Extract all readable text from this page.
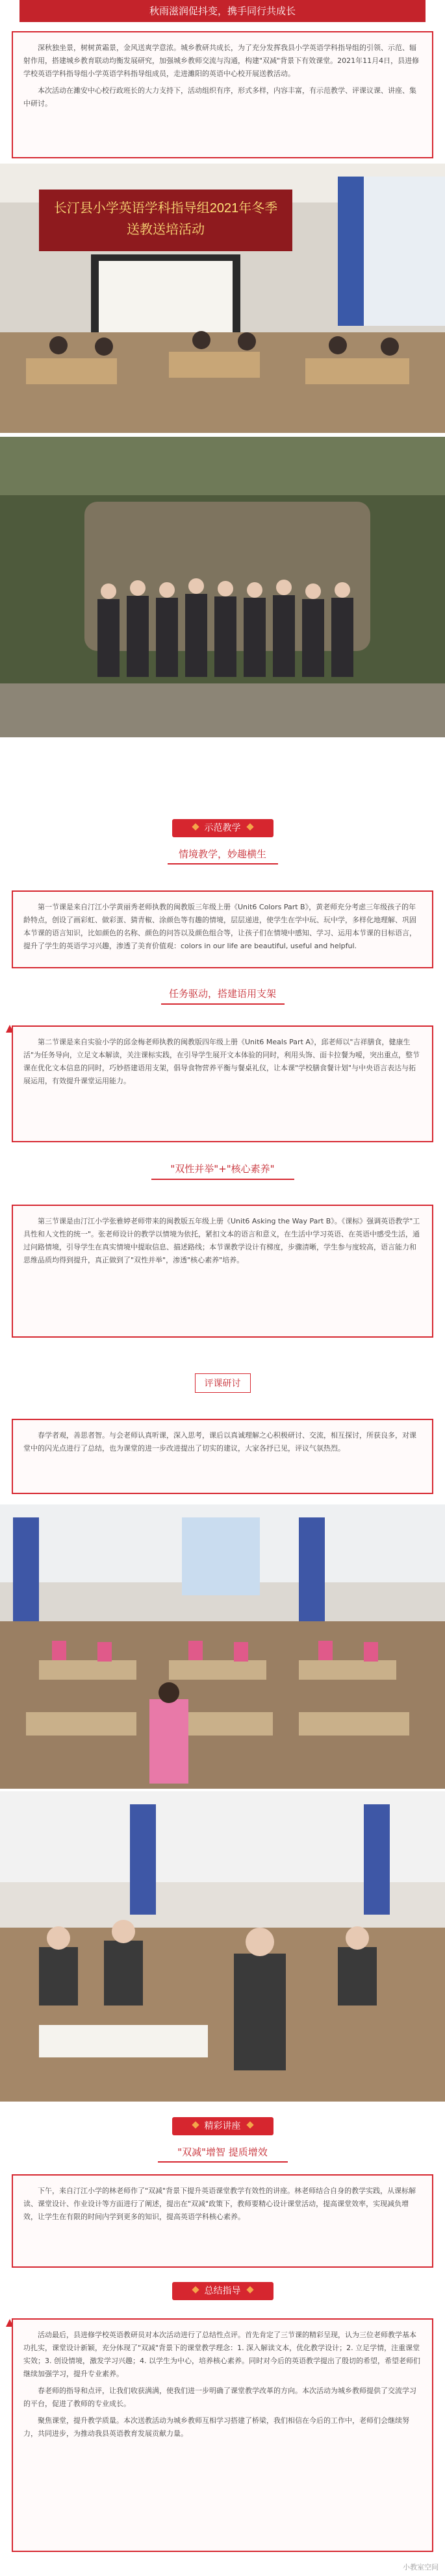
秋雨滋润促抖变，携手同行共成长

深秋独坐景，树树黄霜景，金风送爽学意浓。城乡教研共成长，为了充分发挥我县小学英语学科指导组的引领、示范、辐射作用，搭建城乡教育联动均衡发展研究，加强城乡教师交流与沟通，构建"双减"背景下有效课堂。2021年11月4日，县进修学校英语学科指导组小学英语学科指导组成员，走进濉阳的英语中心校开展送教活动。

本次活动在濉安中心校行政班长的大力支持下，活动组织有序，形式多样，内容丰富，有示范教学、评课议课、讲座、集中研讨。

长汀县小学英语学科指导组2021年冬季
送教送培活动
示范教学
情境教学，妙趣横生

第一节课是来自汀江小学黄丽秀老师执教的闽教版三年级上册《Unit6 Colors Part B》，黄老师充分考虑三年级孩子的年龄特点，创设了画彩虹、做彩蛋、猜青椒、涂颜色等有趣的情境，层层递进，使学生在学中玩、玩中学，多样化地理解、巩固本节课的语言知识，比如颜色的名称、颜色的问答以及颜色组合等，让孩子们在情境中感知、学习、运用本节课的目标语言，提升了学生的英语学习兴趣，渗透了美育价值观：colors in our life are beautiful, useful and helpful.

任务驱动，搭建语用支架

第二节课是来自实验小学的邱金梅老师执教的闽教版四年级上册《Unit6 Meals Part A》，邱老师以"吉祥膳食，健康生活"为任务导向，立足文本解读，关注课标实践，在引导学生展开文本体验的同时，利用头饰、面卡拉餐为嗳，突出重点，整节课在优化文本信息的同时，巧妙搭建语用支架，倡导食物营养平衡与餐桌礼仪，让本课"学校膳食餐计划"与中央语言表达与拓展运用，有效提升课堂运用能力。

"双性并举"+"核心素养"

第三节课是由汀江小学张雅婷老师带来的闽教版五年级上册《Unit6 Asking the Way Part B》。《课标》强调英语教学"工具性和人文性的统一"。张老师设计的教学以情境为依托，紧扣文本的语言和意义，在生活中学习英语、在英语中感受生活，通过问路情境，引导学生在真实情境中提取信息、描述路线；本节课教学设计有梯度，步骤清晰，学生参与度较高，语言能力和思维品质均得到提升，真正做到了"双性并举"，渗透"核心素养"培养。

评课研讨

春学者观，善思者智。与会老师认真听课，深入思考，课后以真诚理解之心积极研讨、交流，相互探讨，所获良多，对课堂中的闪光点进行了总结，也为课堂的进一步改进提出了切实的建议，大家各抒已见，评议气氛热烈。

精彩讲座
"双减"增智 提质增效

下午，来自汀江小学的林老师作了"双减"背景下提升英语课堂教学有效性的讲座。林老师结合自身的教学实践，从课标解读、课堂设计、作业设计等方面进行了阐述，提出在"双减"政策下，教师要精心设计课堂活动，提高课堂效率，实现减负增效，让学生在有限的时间内学到更多的知识，提高英语学科核心素养。

总结指导

活动最后，县进修学校英语教研员对本次活动进行了总结性点评。首先肯定了三节课的精彩呈现，认为三位老师教学基本功扎实，课堂设计新颖，充分体现了"双减"背景下的课堂教学理念：1. 深入解读文本，优化教学设计；2. 立足学情，注重课堂实效；3. 创设情境，激发学习兴趣；4. 以学生为中心，培养核心素养。同时对今后的英语教学提出了殷切的希望，希望老师们继续加强学习，提升专业素养。

春老师的指导和点评，让我们收获满满，使我们进一步明确了课堂教学改革的方向。本次活动为城乡教师提供了交流学习的平台，促进了教师的专业成长。

聚焦课堂，提升教学质量。本次送教活动为城乡教师互相学习搭建了桥梁，我们相信在今后的工作中，老师们会继续努力，共同进步，为推动我县英语教育发展贡献力量。

小教室空间
